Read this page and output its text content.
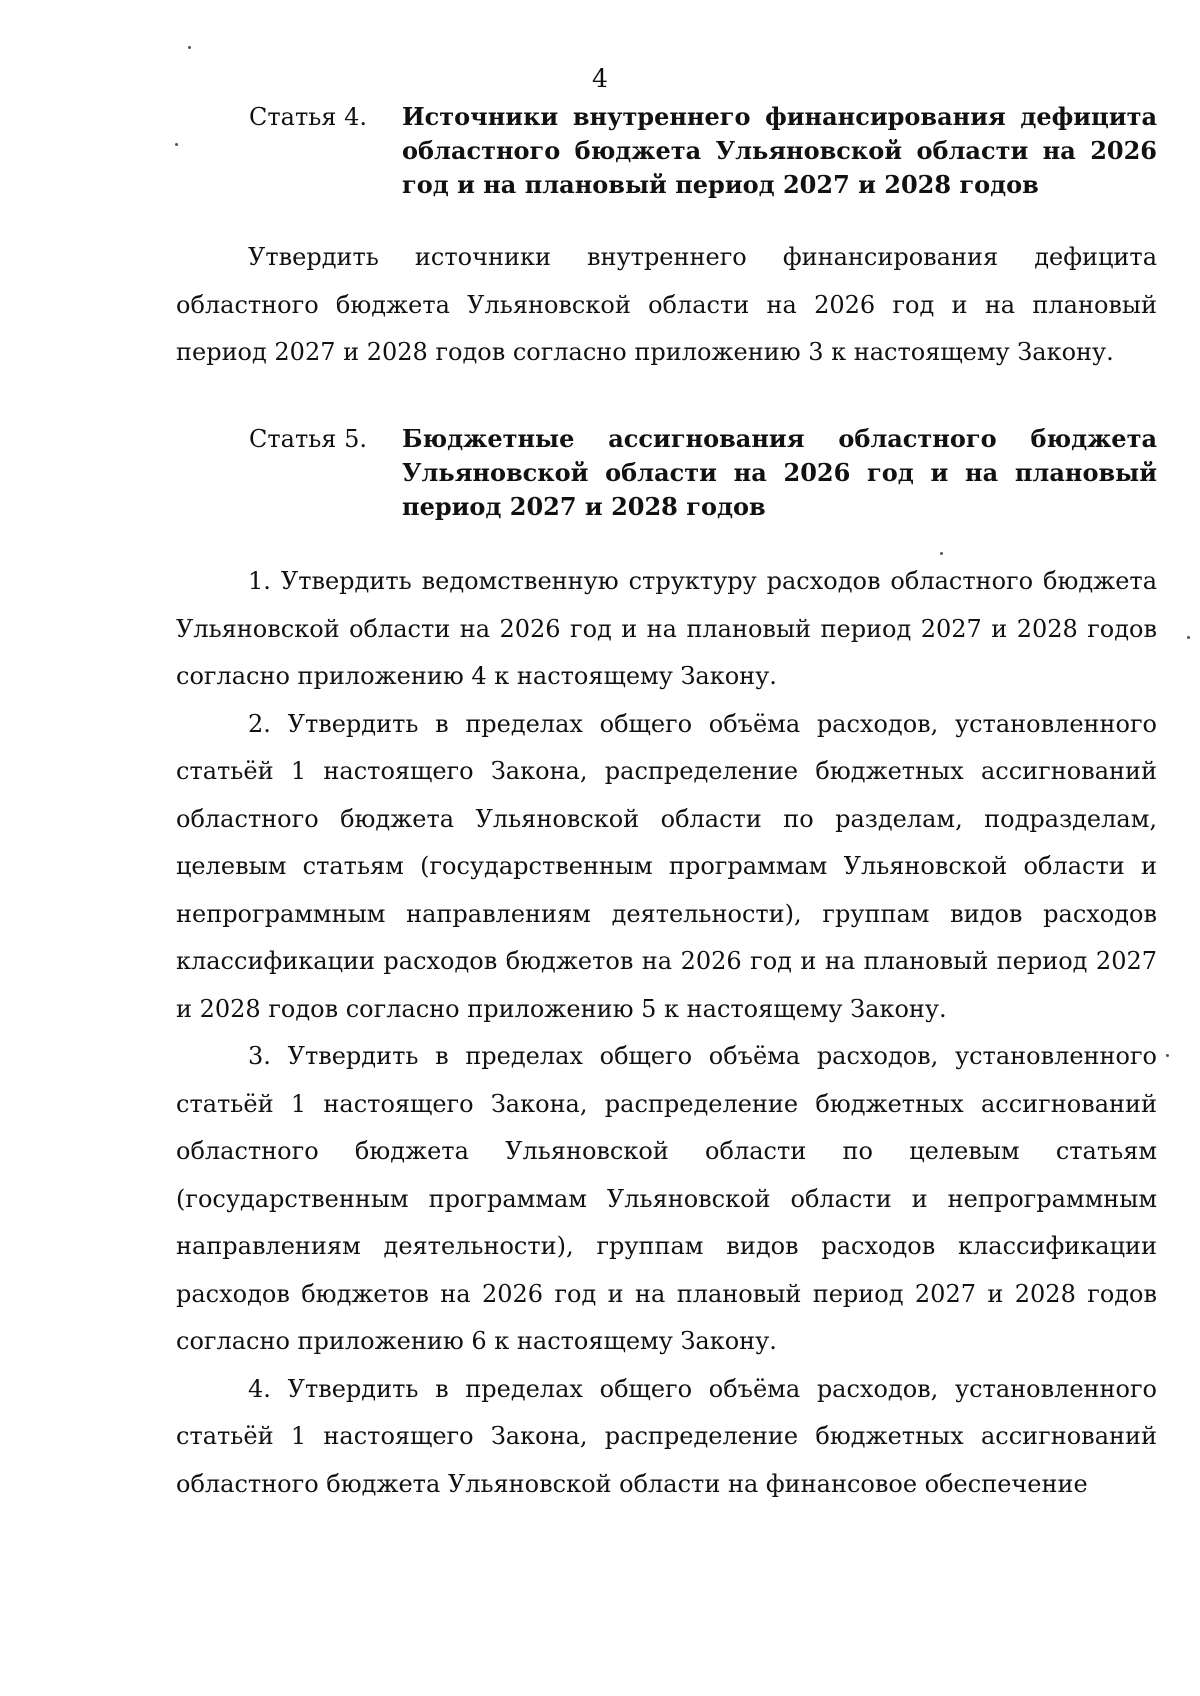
4
Статья 4. Источники внутреннего финансирования дефицита областного бюджета Ульяновской области на 2026 год и на плановый период 2027 и 2028 годов

Утвердить источники внутреннего финансирования дефицита областного бюджета Ульяновской области на 2026 год и на плановый период 2027 и 2028 годов согласно приложению 3 к настоящему Закону.

Статья 5. Бюджетные ассигнования областного бюджета Ульяновской области на 2026 год и на плановый период 2027 и 2028 годов

1. Утвердить ведомственную структуру расходов областного бюджета Ульяновской области на 2026 год и на плановый период 2027 и 2028 годов согласно приложению 4 к настоящему Закону.

2. Утвердить в пределах общего объёма расходов, установленного статьёй 1 настоящего Закона, распределение бюджетных ассигнований областного бюджета Ульяновской области по разделам, подразделам, целевым статьям (государственным программам Ульяновской области и непрограммным направлениям деятельности), группам видов расходов классификации расходов бюджетов на 2026 год и на плановый период 2027 и 2028 годов согласно приложению 5 к настоящему Закону.

3. Утвердить в пределах общего объёма расходов, установленного статьёй 1 настоящего Закона, распределение бюджетных ассигнований областного бюджета Ульяновской области по целевым статьям (государственным программам Ульяновской области и непрограммным направлениям деятельности), группам видов расходов классификации расходов бюджетов на 2026 год и на плановый период 2027 и 2028 годов согласно приложению 6 к настоящему Закону.

4. Утвердить в пределах общего объёма расходов, установленного статьёй 1 настоящего Закона, распределение бюджетных ассигнований областного бюджета Ульяновской области на финансовое обеспечение
